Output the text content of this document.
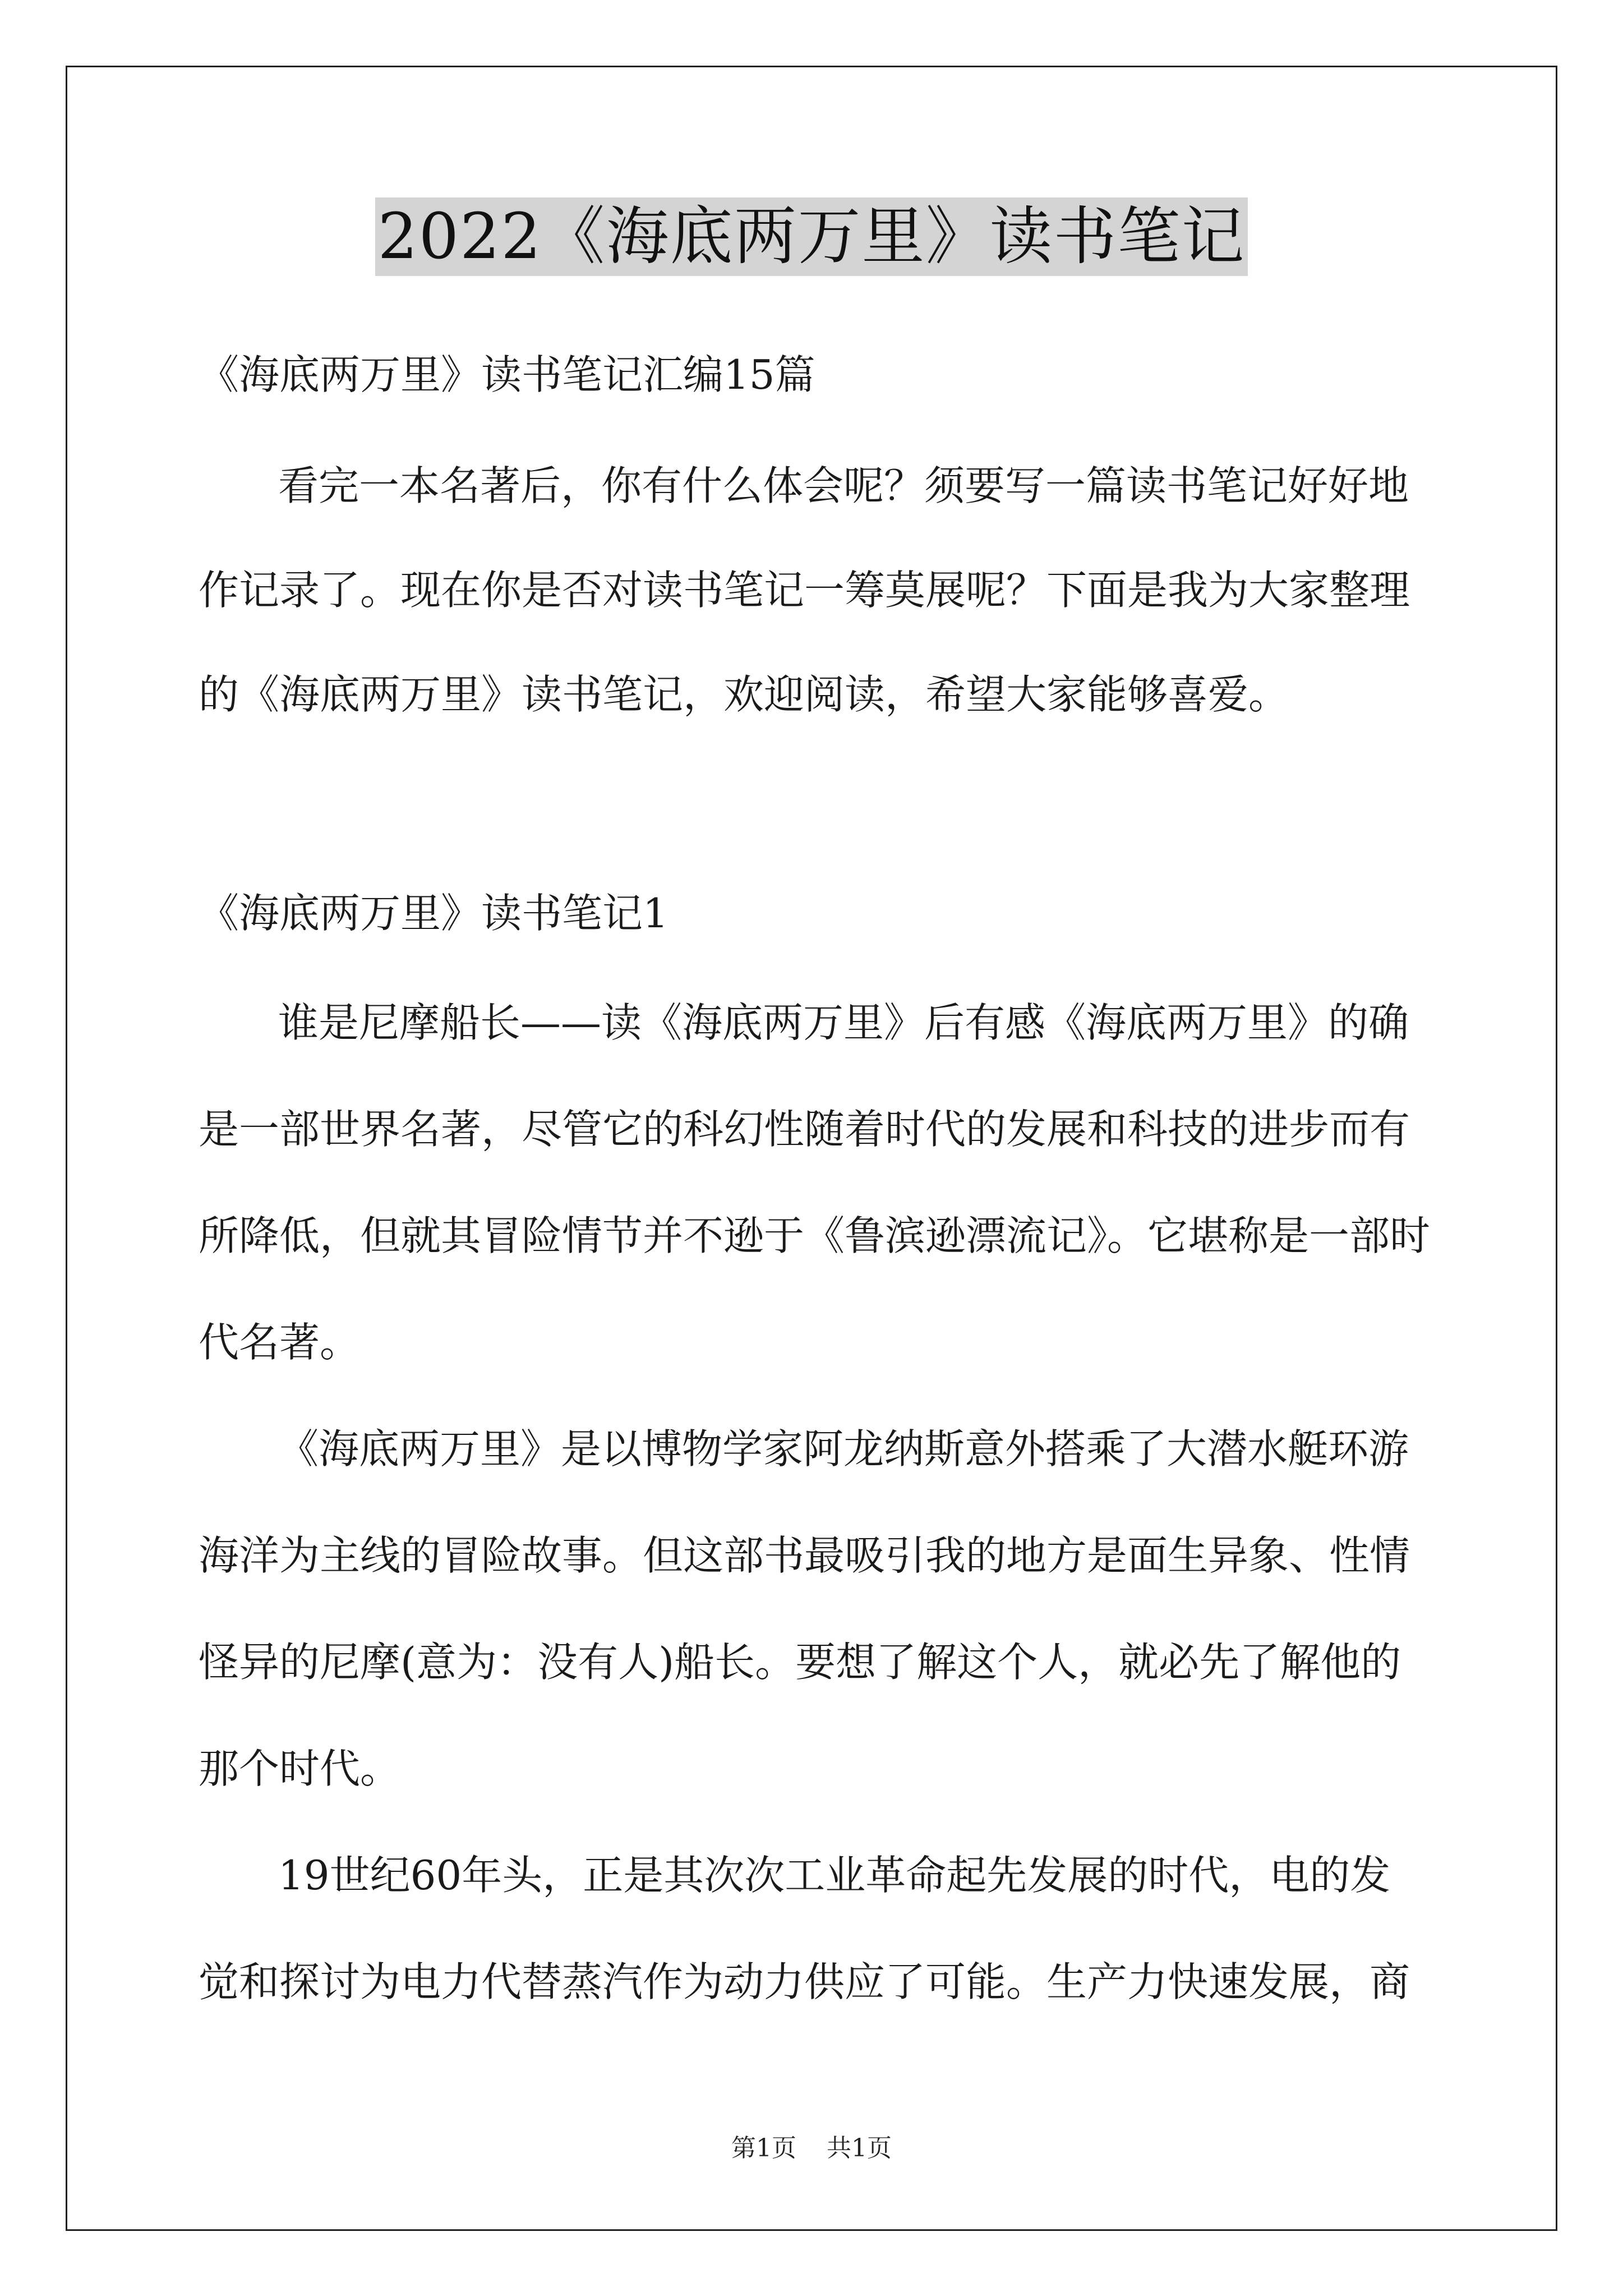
2022《海底两万里》读书笔记

《海底两万里》读书笔记汇编15篇

看完一本名著后，你有什么体会呢？须要写一篇读书笔记好好地

作记录了。现在你是否对读书笔记一筹莫展呢？下面是我为大家整理

的《海底两万里》读书笔记，欢迎阅读，希望大家能够喜爱。

《海底两万里》读书笔记1

谁是尼摩船长——读《海底两万里》后有感《海底两万里》的确

是一部世界名著，尽管它的科幻性随着时代的发展和科技的进步而有

所降低，但就其冒险情节并不逊于《鲁滨逊漂流记》。它堪称是一部时

代名著。

《海底两万里》是以博物学家阿龙纳斯意外搭乘了大潜水艇环游

海洋为主线的冒险故事。但这部书最吸引我的地方是面生异象、性情

怪异的尼摩(意为：没有人)船长。要想了解这个人，就必先了解他的

那个时代。

19世纪60年头，正是其次次工业革命起先发展的时代，电的发

觉和探讨为电力代替蒸汽作为动力供应了可能。生产力快速发展，商

第1页 共1页
